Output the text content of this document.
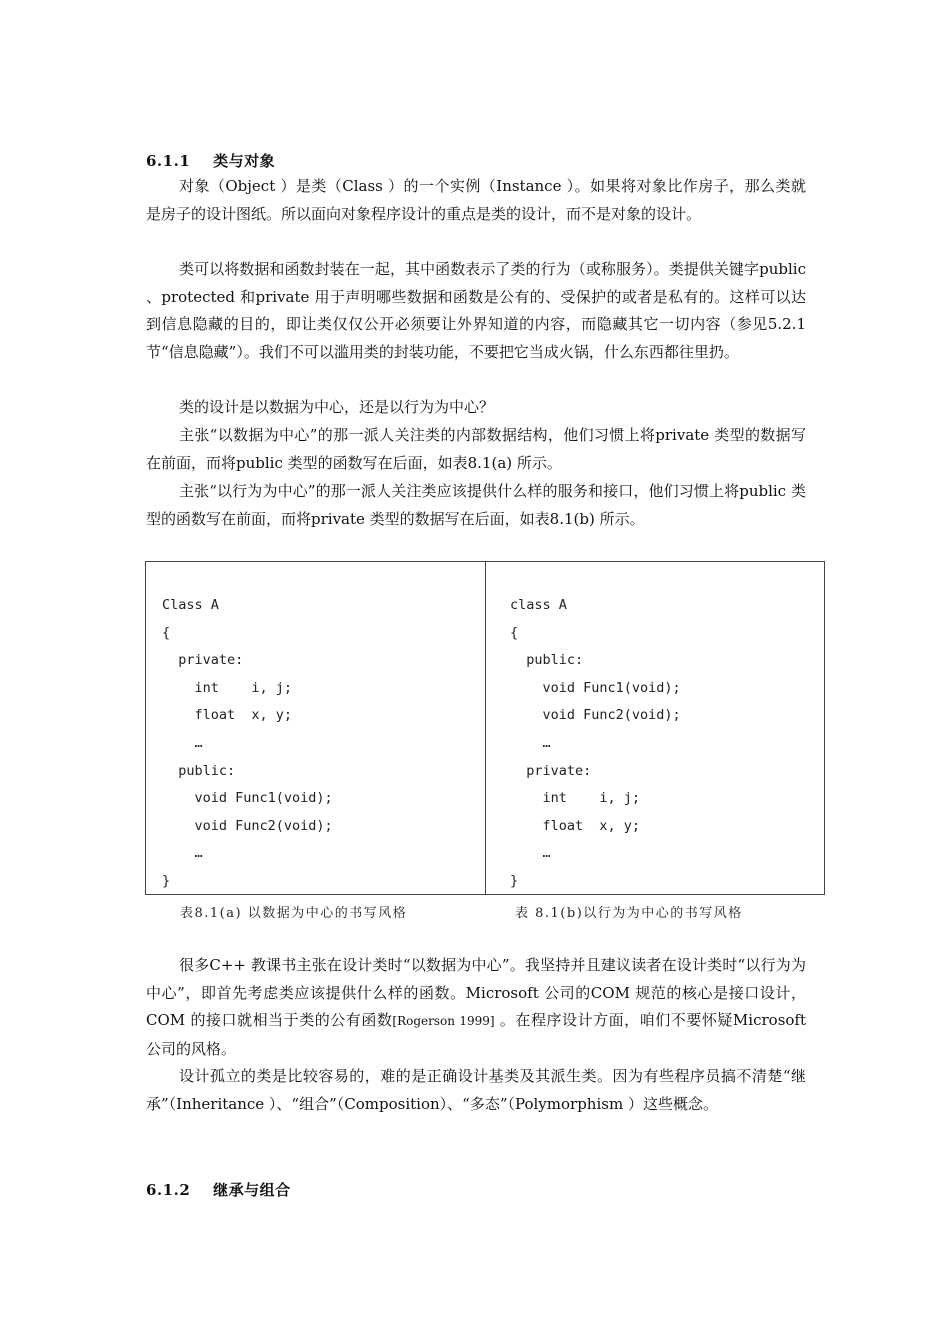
6.1.1 类与对象

对象（Object ）是类（Class ）的一个实例（Instance ）。如果将对象比作房子，那么类就是房子的设计图纸。所以面向对象程序设计的重点是类的设计，而不是对象的设计。

类可以将数据和函数封装在一起，其中函数表示了类的行为（或称服务）。类提供关键字public 、protected 和private 用于声明哪些数据和函数是公有的、受保护的或者是私有的。这样可以达到信息隐藏的目的，即让类仅仅公开必须要让外界知道的内容，而隐藏其它一切内容（参见5.2.1节“信息隐藏”）。我们不可以滥用类的封装功能，不要把它当成火锅，什么东西都往里扔。

类的设计是以数据为中心，还是以行为为中心？

主张“以数据为中心”的那一派人关注类的内部数据结构，他们习惯上将private 类型的数据写在前面，而将public 类型的函数写在后面，如表8.1(a) 所示。

主张“以行为为中心”的那一派人关注类应该提供什么样的服务和接口，他们习惯上将public 类型的函数写在前面，而将private 类型的数据写在后面，如表8.1(b) 所示。

Class A
{
private:
int    i, j;
float  x, y;
…
public:
void Func1(void);
void Func2(void);
…
}
class A
{
public:
void Func1(void);
void Func2(void);
…
private:
int    i, j;
float  x, y;
…
}
表8.1(a) 以数据为中心的书写风格	表 8.1(b)以行为为中心的书写风格

很多C++ 教课书主张在设计类时“以数据为中心”。我坚持并且建议读者在设计类时“以行为为中心”，即首先考虑类应该提供什么样的函数。Microsoft 公司的COM 规范的核心是接口设计，COM 的接口就相当于类的公有函数[Rogerson 1999] 。在程序设计方面，咱们不要怀疑Microsoft 公司的风格。

设计孤立的类是比较容易的，难的是正确设计基类及其派生类。因为有些程序员搞不清楚“继承”（Inheritance ）、“组合”（Composition）、“多态”（Polymorphism ）这些概念。

6.1.2 继承与组合
